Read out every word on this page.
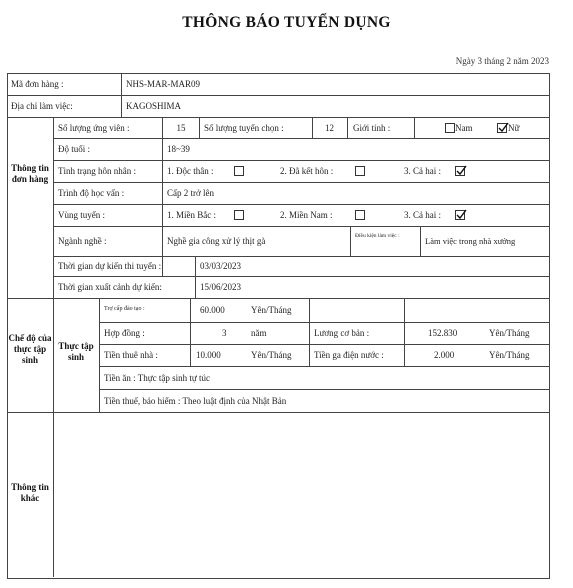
THÔNG BÁO TUYỂN DỤNG
Ngày 3 tháng 2 năm 2023
Mã đơn hàng :	NHS-MAR-MAR09
Địa chỉ làm việc:	KAGOSHIMA
Thông tin đơn hàng
Số lượng ứng viên :	15	Số lượng tuyển chọn :	12	Giới tính :	Nam	Nữ
Độ tuổi :	18~39
Tình trạng hôn nhân :	1. Độc thân :	2. Đã kết hôn :	3. Cả hai :
Trình độ học vấn :	Cấp 2 trở lên
Vùng tuyển :	1. Miền Bắc :	2. Miền Nam :	3. Cả hai :
Ngành nghề :	Nghề gia công xử lý thịt gà	Điều kiện làm việc :	Làm việc trong nhà xưởng
Thời gian dự kiến thi tuyển :	03/03/2023
Thời gian xuất cảnh dự kiến:	15/06/2023
Chế độ của thực tập sinh
Thực tập sinh
Trợ cấp đào tạo :	60.000	Yên/Tháng
Hợp đồng :	3	năm	Lương cơ bản :	152.830	Yên/Tháng
Tiền thuê nhà :	10.000	Yên/Tháng	Tiền ga điện nước :	2.000	Yên/Tháng
Tiền ăn : Thực tập sinh tự túc
Tiền thuế, bảo hiểm : Theo luật định của Nhật Bản
Thông tin khác
